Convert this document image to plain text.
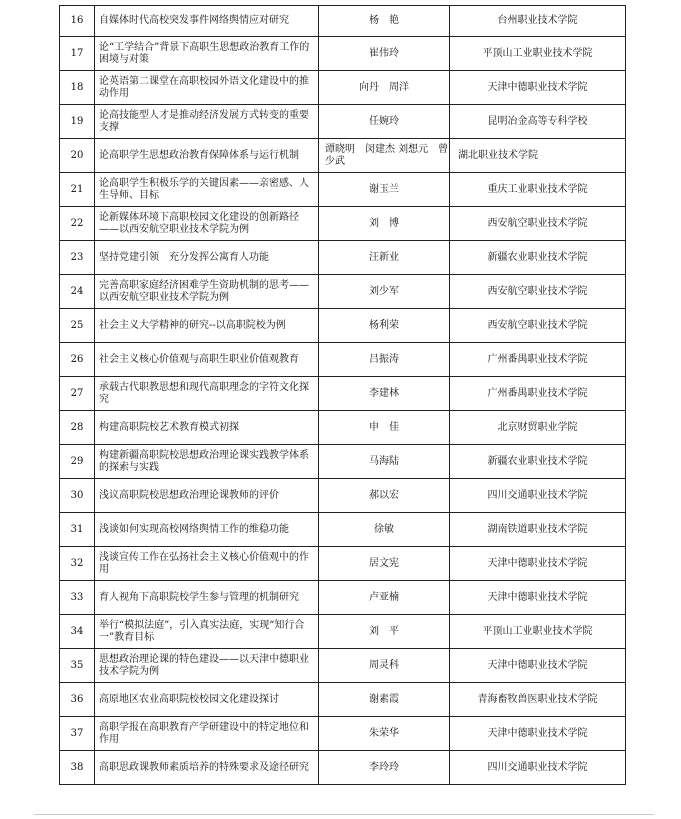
16	自媒体时代高校突发事件网络舆情应对研究	杨　艳	台州职业技术学院
17	论“工学结合”背景下高职生思想政治教育工作的困境与对策	崔伟玲	平顶山工业职业技术学院
18	论英语第二课堂在高职校园外语文化建设中的推动作用	向丹　周洋	天津中德职业技术学院
19	论高技能型人才是推动经济发展方式转变的重要支撑	任婉玲	昆明冶金高等专科学校
20	论高职学生思想政治教育保障体系与运行机制	谭晓明　闵建杰 刘想元　曾少武	湖北职业技术学院
21	论高职学生积极乐学的关键因素——亲密感、人生导师、目标	谢玉兰	重庆工业职业技术学院
22	论新媒体环境下高职校园文化建设的创新路径——以西安航空职业技术学院为例	刘　博	西安航空职业技术学院
23	坚持党建引领　充分发挥公寓育人功能	汪新业	新疆农业职业技术学院
24	完善高职家庭经济困难学生资助机制的思考——以西安航空职业技术学院为例	刘少军	西安航空职业技术学院
25	社会主义大学精神的研究--以高职院校为例	杨利荣	西安航空职业技术学院
26	社会主义核心价值观与高职生职业价值观教育	吕振涛	广州番禺职业技术学院
27	承载古代职教思想和现代高职理念的字符文化探究	李建林	广州番禺职业技术学院
28	构建高职院校艺术教育模式初探	申　佳	北京财贸职业学院
29	构建新疆高职院校思想政治理论课实践教学体系的探索与实践	马海陆	新疆农业职业技术学院
30	浅议高职院校思想政治理论课教师的评价	郝以宏	四川交通职业技术学院
31	浅谈如何实现高校网络舆情工作的维稳功能	徐敏	湖南铁道职业技术学院
32	浅谈宣传工作在弘扬社会主义核心价值观中的作用	居文宪	天津中德职业技术学院
33	育人视角下高职院校学生参与管理的机制研究	卢亚楠	天津中德职业技术学院
34	举行“模拟法庭”，引入真实法庭，实现“知行合一”教育目标	刘　平	平顶山工业职业技术学院
35	思想政治理论课的特色建设——以天津中德职业技术学院为例	周灵科	天津中德职业技术学院
36	高原地区农业高职院校校园文化建设探讨	谢素霞	青海畜牧兽医职业技术学院
37	高职学报在高职教育产学研建设中的特定地位和作用	朱荣华	天津中德职业技术学院
38	高职思政课教师素质培养的特殊要求及途径研究	李玲玲	四川交通职业技术学院
